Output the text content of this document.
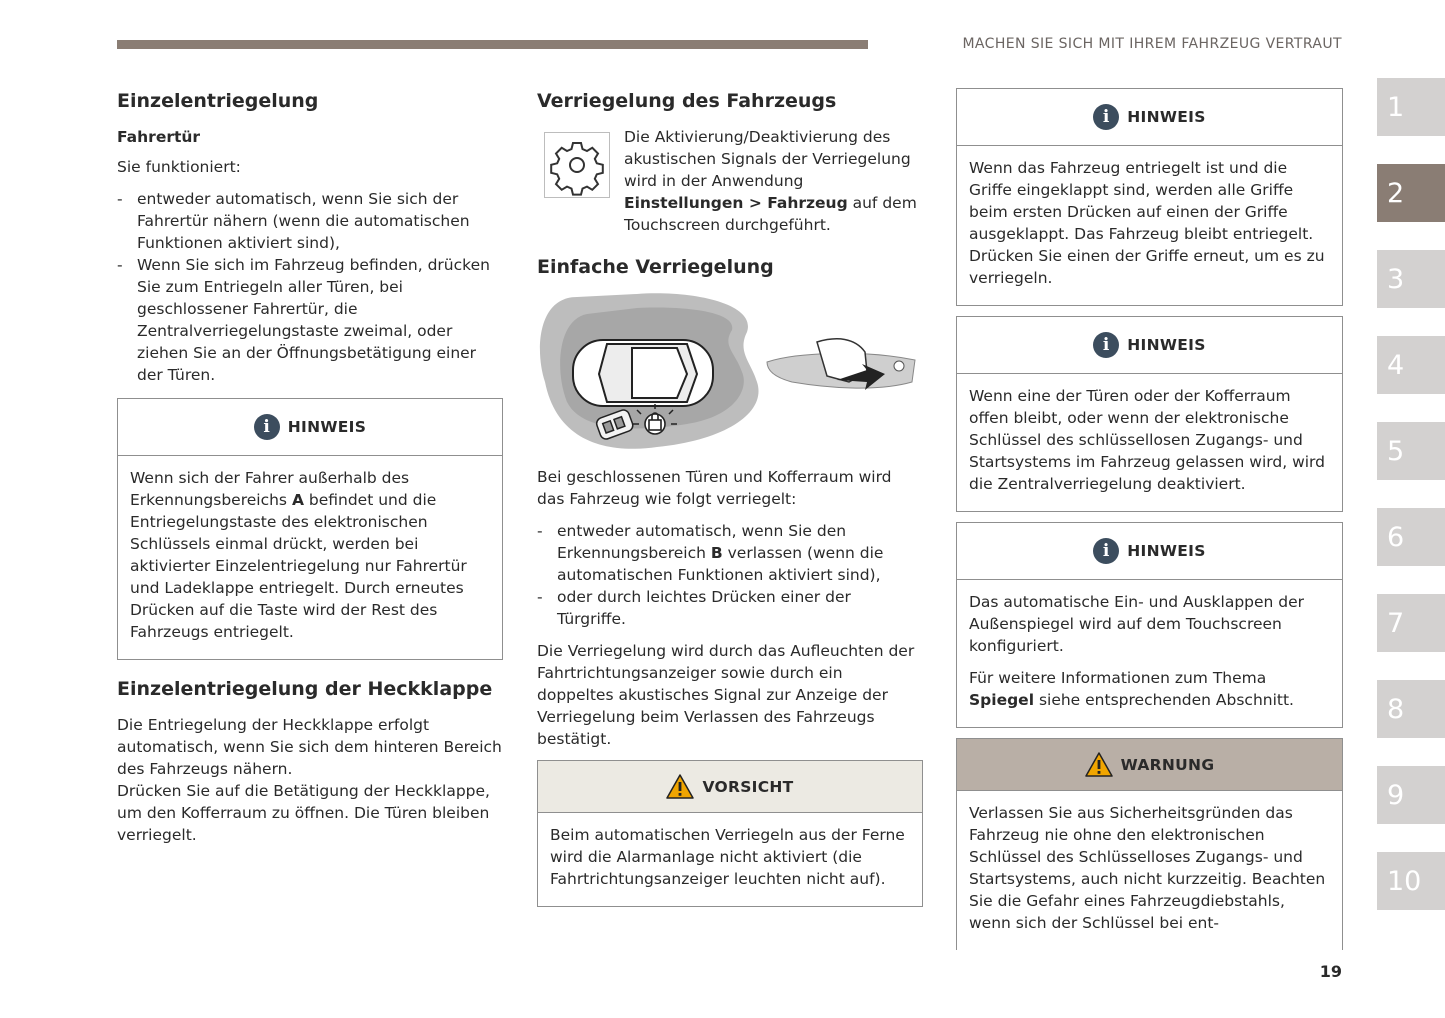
MACHEN SIE SICH MIT IHREM FAHRZEUG VERTRAUT
Einzelentriegelung
Fahrertür

Sie funktioniert:

- entweder automatisch, wenn Sie sich der Fahrertür nähern (wenn die automatischen Funktionen aktiviert sind),
- Wenn Sie sich im Fahrzeug befinden, drücken Sie zum Entriegeln aller Türen, bei geschlossener Fahrertür, die Zentralverriegelungstaste zweimal, oder ziehen Sie an der Öffnungsbetätigung einer der Türen.
i	HINWEIS

Wenn sich der Fahrer außerhalb des Erkennungsbereichs A befindet und die Entriegelungstaste des elektronischen Schlüssels einmal drückt, werden bei aktivierter Einzelentriegelung nur Fahrertür und Ladeklappe entriegelt. Durch erneutes Drücken auf die Taste wird der Rest des Fahrzeugs entriegelt.

Einzelentriegelung der Heckklappe

Die Entriegelung der Heckklappe erfolgt automatisch, wenn Sie sich dem hinteren Bereich des Fahrzeugs nähern.

Drücken Sie auf die Betätigung der Heckklappe, um den Kofferraum zu öffnen. Die Türen bleiben verriegelt.

Verriegelung des Fahrzeugs

Die Aktivierung/Deaktivierung des akustischen Signals der Verriegelung wird in der Anwendung Einstellungen > Fahrzeug auf dem Touchscreen durchgeführt.

Einfache Verriegelung

Bei geschlossenen Türen und Kofferraum wird das Fahrzeug wie folgt verriegelt:

- entweder automatisch, wenn Sie den Erkennungsbereich B verlassen (wenn die automatischen Funktionen aktiviert sind),
- oder durch leichtes Drücken einer der Türgriffe.

Die Verriegelung wird durch das Aufleuchten der Fahrtrichtungsanzeiger sowie durch ein doppeltes akustisches Signal zur Anzeige der Verriegelung beim Verlassen des Fahrzeugs bestätigt.

VORSICHT

Beim automatischen Verriegeln aus der Ferne wird die Alarmanlage nicht aktiviert (die Fahrtrichtungsanzeiger leuchten nicht auf).

i	HINWEIS

Wenn das Fahrzeug entriegelt ist und die Griffe eingeklappt sind, werden alle Griffe beim ersten Drücken auf einen der Griffe ausgeklappt. Das Fahrzeug bleibt entriegelt. Drücken Sie einen der Griffe erneut, um es zu verriegeln.

i	HINWEIS

Wenn eine der Türen oder der Kofferraum offen bleibt, oder wenn der elektronische Schlüssel des schlüssellosen Zugangs- und Startsystems im Fahrzeug gelassen wird, wird die Zentralverriegelung deaktiviert.

i	HINWEIS

Das automatische Ein- und Ausklappen der Außenspiegel wird auf dem Touchscreen konfiguriert.

Für weitere Informationen zum Thema Spiegel siehe entsprechenden Abschnitt.

WARNUNG

Verlassen Sie aus Sicherheitsgründen das Fahrzeug nie ohne den elektronischen Schlüssel des Schlüsselloses Zugangs- und Startsystems, auch nicht kurzzeitig. Beachten Sie die Gefahr eines Fahrzeugdiebstahls, wenn sich der Schlüssel bei ent-

1
2
3
4
5
6
7
8
9
10
19
